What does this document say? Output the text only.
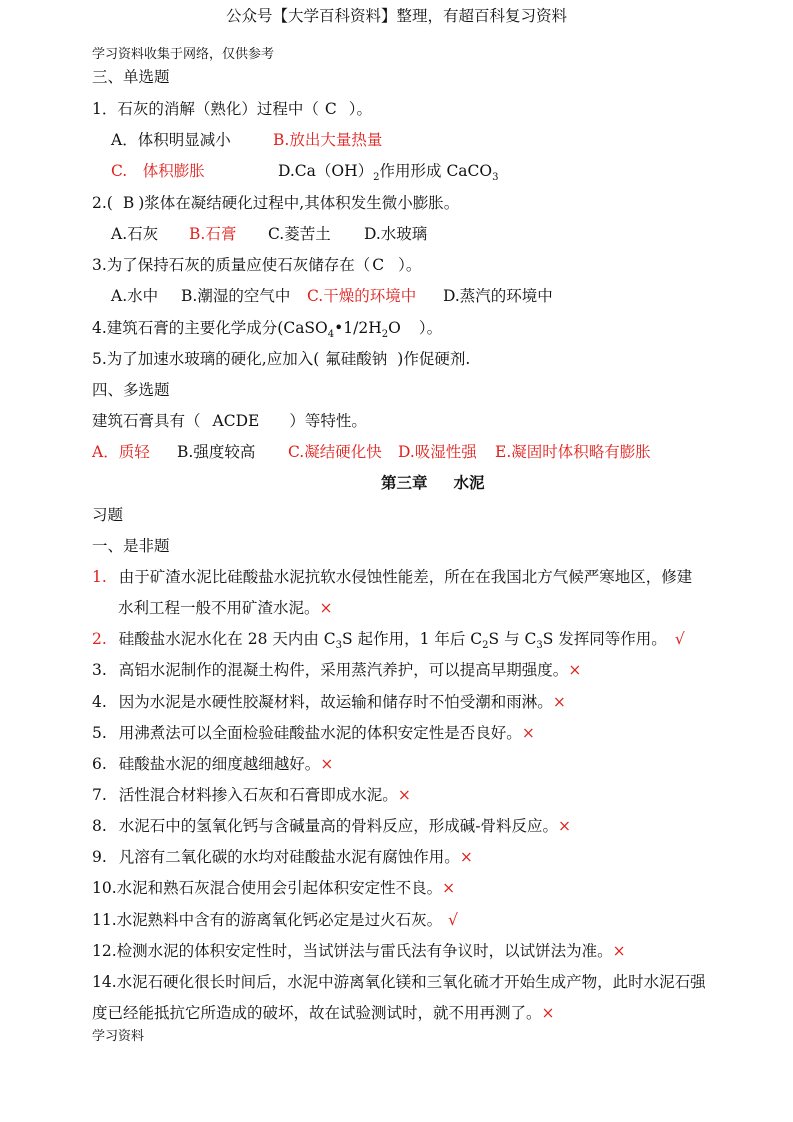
公众号【大学百科资料】整理，有超百科复习资料
学习资料收集于网络，仅供参考
三、单选题
1．石灰的消解（熟化）过程中（ C ）。
A．体积明显减小	B.放出大量热量
C.　体积膨胀	$D.Ca(OH)_2$作用形成 CaCO$_3$
2.( B )浆体在凝结硬化过程中,其体积发生微小膨胀。
A.石灰 B.石膏 C.菱苦土 D.水玻璃
3.为了保持石灰的质量应使石灰储存在（ C ）。
A.水中 B.潮湿的空气中 C.干燥的环境中 D.蒸汽的环境中
4.建筑石膏的主要化学成分($CaSO_4•1/2H_2O$ ）。
5.为了加速水玻璃的硬化,应加入( 氟硅酸钠 )作促硬剂.
四、多选题
建筑石膏具有（ ACDE ）等特性。
A．质轻 B.强度较高 C.凝结硬化快 D.吸湿性强 E.凝固时体积略有膨胀
第三章 水泥
习题
一、是非题
1. 由于矿渣水泥比硅酸盐水泥抗软水侵蚀性能差，所在在我国北方气候严寒地区，修建
水利工程一般不用矿渣水泥。×
2. 硅酸盐水泥水化在 28 天内由 $C_3S$ 起作用，1 年后 $C_2S$ 与 $C_3S$ 发挥同等作用。 √
3. 高铝水泥制作的混凝土构件，采用蒸汽养护，可以提高早期强度。×
4. 因为水泥是水硬性胶凝材料，故运输和储存时不怕受潮和雨淋。×
5. 用沸煮法可以全面检验硅酸盐水泥的体积安定性是否良好。×
6. 硅酸盐水泥的细度越细越好。×
7. 活性混合材料掺入石灰和石膏即成水泥。×
8. 水泥石中的氢氧化钙与含碱量高的骨料反应，形成碱-骨料反应。×
9. 凡溶有二氧化碳的水均对硅酸盐水泥有腐蚀作用。×
10.水泥和熟石灰混合使用会引起体积安定性不良。×
11.水泥熟料中含有的游离氧化钙必定是过火石灰。 √
12.检测水泥的体积安定性时，当试饼法与雷氏法有争议时，以试饼法为准。×
14.水泥石硬化很长时间后，水泥中游离氧化镁和三氧化硫才开始生成产物，此时水泥石强
度已经能抵抗它所造成的破坏，故在试验测试时，就不用再测了。×
学习资料
